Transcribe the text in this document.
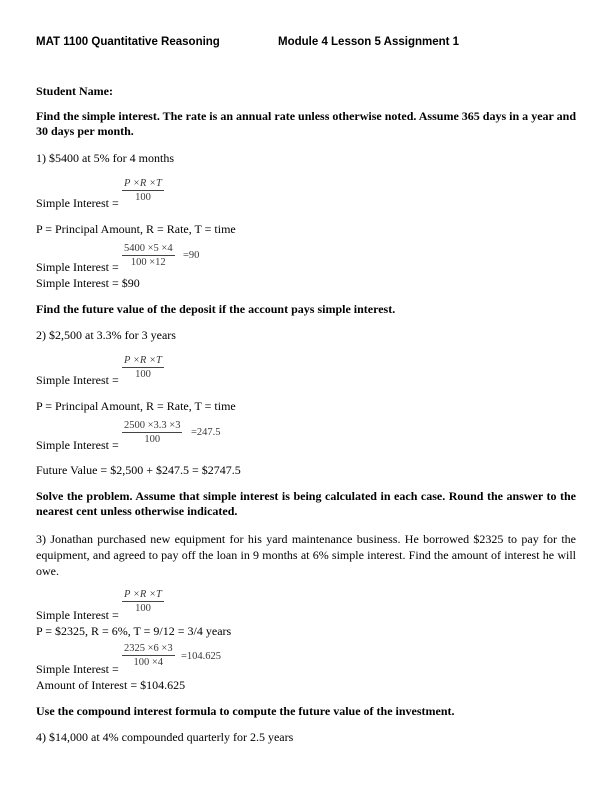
MAT 1100 Quantitative Reasoning	Module 4 Lesson 5 Assignment 1
Student Name:
Find the simple interest. The rate is an annual rate unless otherwise noted. Assume 365 days in a year and 30 days per month.
1) $5400 at 5% for 4 months
$\frac{P \times R \times T}{100}$
Simple Interest =
P = Principal Amount, R = Rate, T = time
$\frac{5400 \times 5 \times 4}{100 \times 12} =90$
Simple Interest =
Simple Interest = $90
Find the future value of the deposit if the account pays simple interest.
2) $2,500 at 3.3% for 3 years
$\frac{P \times R \times T}{100}$
Simple Interest =
P = Principal Amount, R = Rate, T = time
$\frac{2500 \times 3.3 \times 3}{100} =247.5$
Simple Interest =
Future Value = $2,500 + $247.5 = $2747.5
Solve the problem. Assume that simple interest is being calculated in each case. Round the answer to the nearest cent unless otherwise indicated.
3) Jonathan purchased new equipment for his yard maintenance business. He borrowed $2325 to pay for the equipment, and agreed to pay off the loan in 9 months at 6% simple interest. Find the amount of interest he will owe.
$\frac{P \times R \times T}{100}$
Simple Interest =
P = $2325, R = 6%, T = 9/12 = 3/4 years
$\frac{2325 \times 6 \times 3}{100 \times 4} =104.625$
Simple Interest =
Amount of Interest = $104.625
Use the compound interest formula to compute the future value of the investment.
4) $14,000 at 4% compounded quarterly for 2.5 years
